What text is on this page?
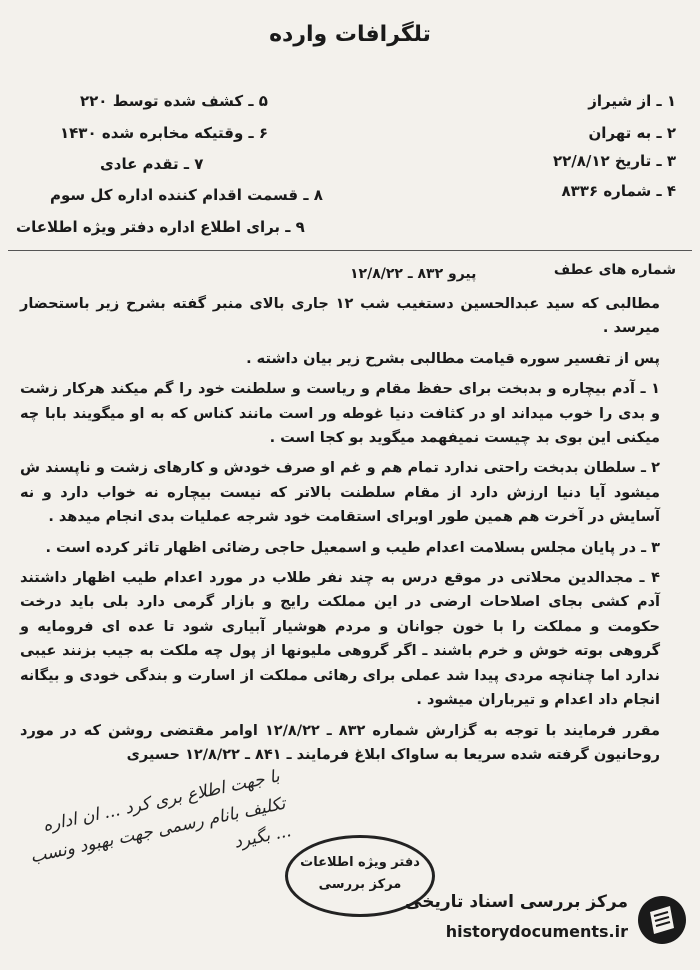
تلگرافات وارده
۱ ـ از شیراز
۲ ـ به تهران
۳ ـ تاریخ ۲۲/۸/۱۲
۴ ـ شماره ۸۳۳۶
۵ ـ کشف شده توسط ۲۲۰
۶ ـ وقتیکه مخابره شده ۱۴۳۰
۷ ـ تقدم عادی
۸ ـ قسمت اقدام کننده اداره کل سوم
۹ ـ برای اطلاع اداره دفتر ویژه اطلاعات
شماره های عطف
پیرو ۸۳۲ ـ ۱۲/۸/۲۲

مطالبی که سید عبدالحسین دستغیب شب ۱۲ جاری بالای منبر گفته بشرح زیر باستحضار میرسد .

پس از تفسیر سوره قیامت مطالبی بشرح زیر بیان داشته .

۱ ـ آدم بیچاره و بدبخت برای حفظ مقام و ریاست و سلطنت خود را گم میکند هرکار زشت و بدی را خوب میداند او در کثافت دنیا غوطه ور است مانند کناس که به او میگویند بابا چه میکنی این بوی بد چیست نمیفهمد میگوید بو کجا است .

۲ ـ سلطان بدبخت راحتی ندارد تمام هم و غم او صرف خودش و کارهای زشت و ناپسند ش میشود آیا دنیا ارزش دارد از مقام سلطنت بالاتر که نیست بیچاره نه خواب دارد و نه آسایش در آخرت هم همین طور اوبرای استقامت خود شرجه عملیات بدی انجام میدهد .

۳ ـ در پایان مجلس بسلامت اعدام طیب و اسمعیل حاجی رضائی اظهار تاثر کرده است .

۴ ـ مجدالدین محلاتی در موقع درس به چند نفر طلاب در مورد اعدام طیب اظهار داشتند آدم کشی بجای اصلاحات ارضی در این مملکت رایج و بازار گرمی دارد بلی باید درخت حکومت و مملکت را با خون جوانان و مردم هوشیار آبیاری شود تا عده ای فرومایه و گروهی بوته خوش و خرم باشند ـ اگر گروهی ملیونها از پول چه ملکت به جیب بزنند عیبی ندارد اما چنانچه مردی پیدا شد عملی برای رهائی مملکت از اسارت و بندگی خودی و بیگانه انجام داد اعدام و تیرباران میشود .

مقرر فرمایند با توجه به گزارش شماره ۸۳۲ ـ ۱۲/۸/۲۲ اوامر مقتضی روشن که در مورد روحانیون گرفته شده سریعا به ساواک ابلاغ فرمایند ـ ۸۴۱ ـ ۱۲/۸/۲۲ حسیری

با جهت اطلاع بری کرد ... ان اداره تکلیف بانام رسمی جهت بهبود ونسب ... بگیرد
دفتر ویژه اطلاعات
مرکز بررسی
مرکز بررسی اسناد تاریخی
historydocuments.ir
